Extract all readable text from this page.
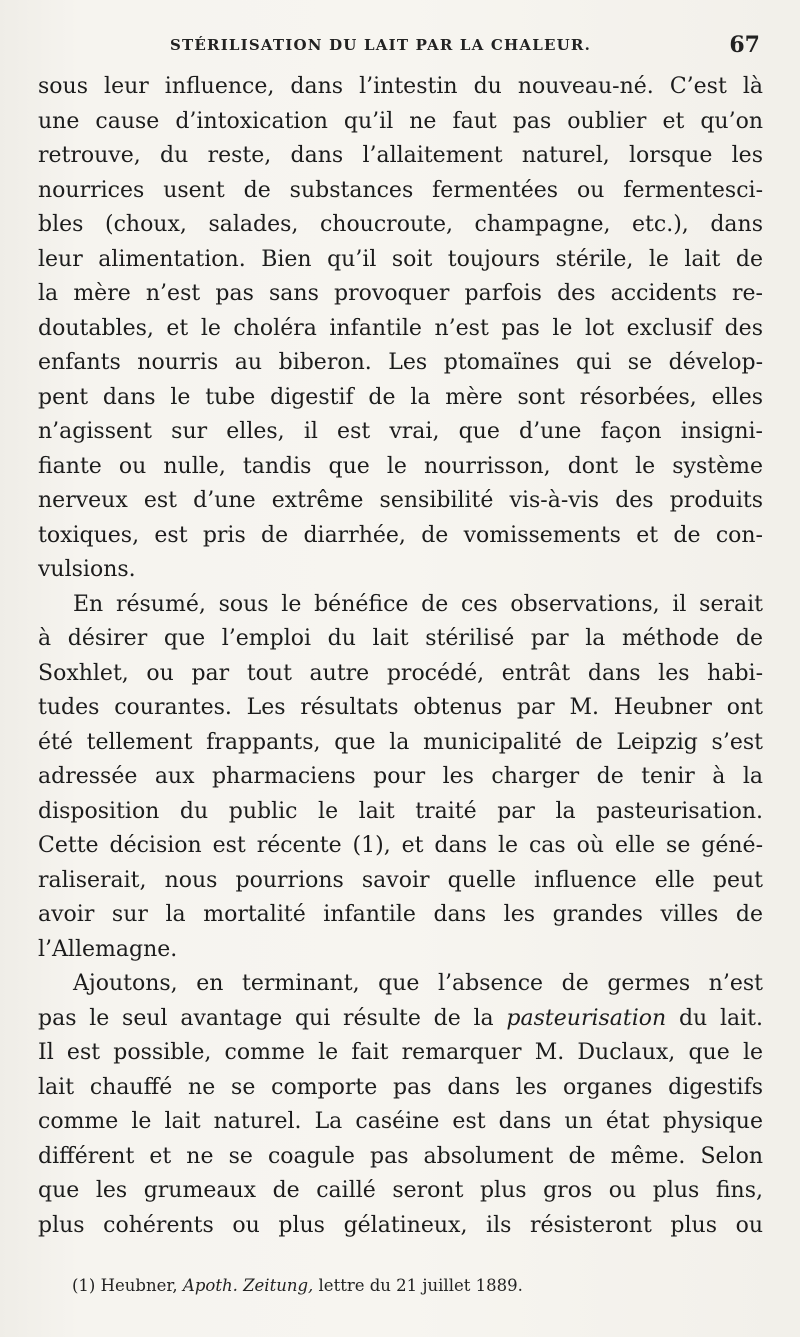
STÉRILISATION DU LAIT PAR LA CHALEUR.	67
sous leur influence, dans l’intestin du nouveau-né. C’est là
une cause d’intoxication qu’il ne faut pas oublier et qu’on
retrouve, du reste, dans l’allaitement naturel, lorsque les
nourrices usent de substances fermentées ou fermentesci-
bles (choux, salades, choucroute, champagne, etc.), dans
leur alimentation. Bien qu’il soit toujours stérile, le lait de
la mère n’est pas sans provoquer parfois des accidents re-
doutables, et le choléra infantile n’est pas le lot exclusif des
enfants nourris au biberon. Les ptomaïnes qui se dévelop-
pent dans le tube digestif de la mère sont résorbées, elles
n’agissent sur elles, il est vrai, que d’une façon insigni-
fiante ou nulle, tandis que le nourrisson, dont le système
nerveux est d’une extrême sensibilité vis-à-vis des produits
toxiques, est pris de diarrhée, de vomissements et de con-
vulsions.
En résumé, sous le bénéfice de ces observations, il serait
à désirer que l’emploi du lait stérilisé par la méthode de
Soxhlet, ou par tout autre procédé, entrât dans les habi-
tudes courantes. Les résultats obtenus par M. Heubner ont
été tellement frappants, que la municipalité de Leipzig s’est
adressée aux pharmaciens pour les charger de tenir à la
disposition du public le lait traité par la pasteurisation.
Cette décision est récente (1), et dans le cas où elle se géné-
raliserait, nous pourrions savoir quelle influence elle peut
avoir sur la mortalité infantile dans les grandes villes de
l’Allemagne.
Ajoutons, en terminant, que l’absence de germes n’est
pas le seul avantage qui résulte de la pasteurisation du lait.
Il est possible, comme le fait remarquer M. Duclaux, que le
lait chauffé ne se comporte pas dans les organes digestifs
comme le lait naturel. La caséine est dans un état physique
différent et ne se coagule pas absolument de même. Selon
que les grumeaux de caillé seront plus gros ou plus fins,
plus cohérents ou plus gélatineux, ils résisteront plus ou
(1) Heubner, Apoth. Zeitung, lettre du 21 juillet 1889.
